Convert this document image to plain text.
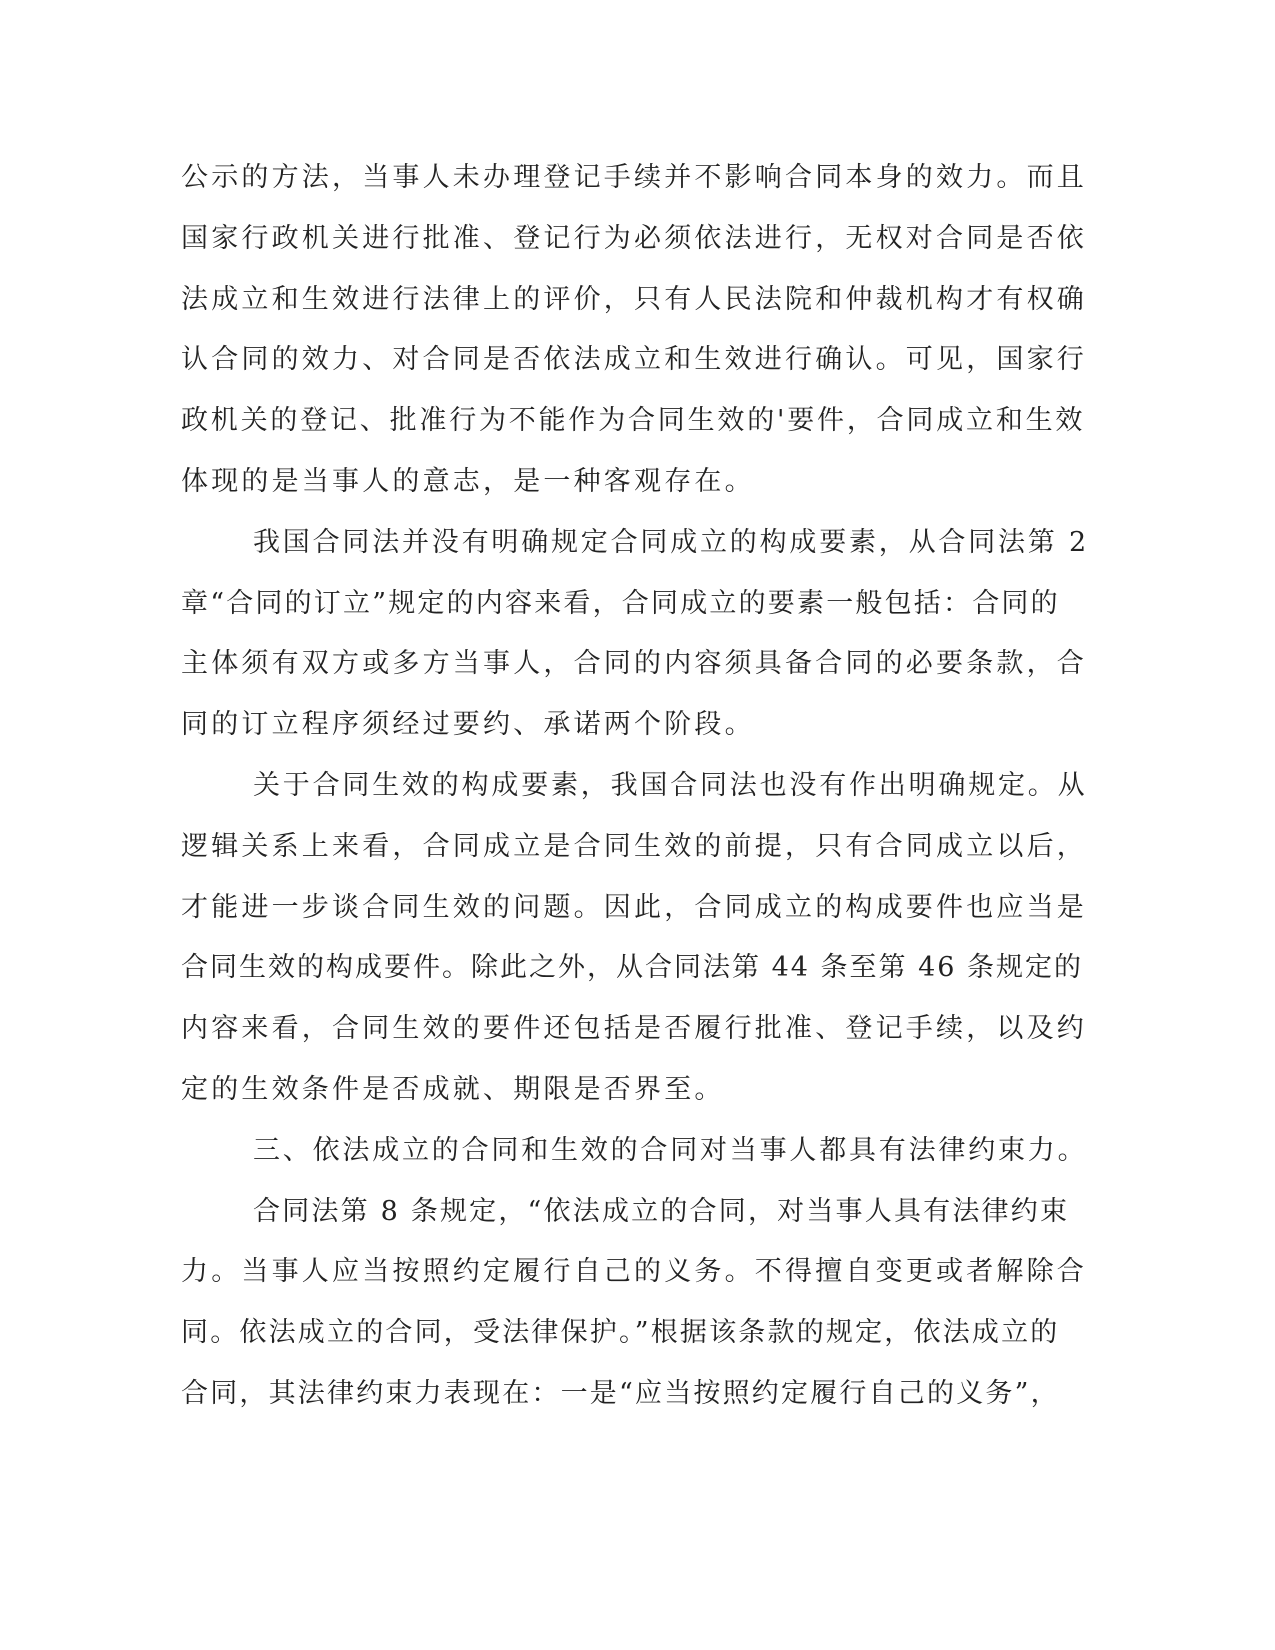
公示的方法，当事人未办理登记手续并不影响合同本身的效力。而且

国家行政机关进行批准、登记行为必须依法进行，无权对合同是否依

法成立和生效进行法律上的评价，只有人民法院和仲裁机构才有权确

认合同的效力、对合同是否依法成立和生效进行确认。可见，国家行

政机关的登记、批准行为不能作为合同生效的'要件，合同成立和生效

体现的是当事人的意志，是一种客观存在。

我国合同法并没有明确规定合同成立的构成要素，从合同法第 2

章“合同的订立”规定的内容来看，合同成立的要素一般包括：合同的

主体须有双方或多方当事人，合同的内容须具备合同的必要条款，合

同的订立程序须经过要约、承诺两个阶段。

关于合同生效的构成要素，我国合同法也没有作出明确规定。从

逻辑关系上来看，合同成立是合同生效的前提，只有合同成立以后，

才能进一步谈合同生效的问题。因此，合同成立的构成要件也应当是

合同生效的构成要件。除此之外，从合同法第 44 条至第 46 条规定的

内容来看，合同生效的要件还包括是否履行批准、登记手续，以及约

定的生效条件是否成就、期限是否界至。

三、依法成立的合同和生效的合同对当事人都具有法律约束力。

合同法第 8 条规定，“依法成立的合同，对当事人具有法律约束

力。当事人应当按照约定履行自己的义务。不得擅自变更或者解除合

同。依法成立的合同，受法律保护。”根据该条款的规定，依法成立的

合同，其法律约束力表现在：一是“应当按照约定履行自己的义务”，
